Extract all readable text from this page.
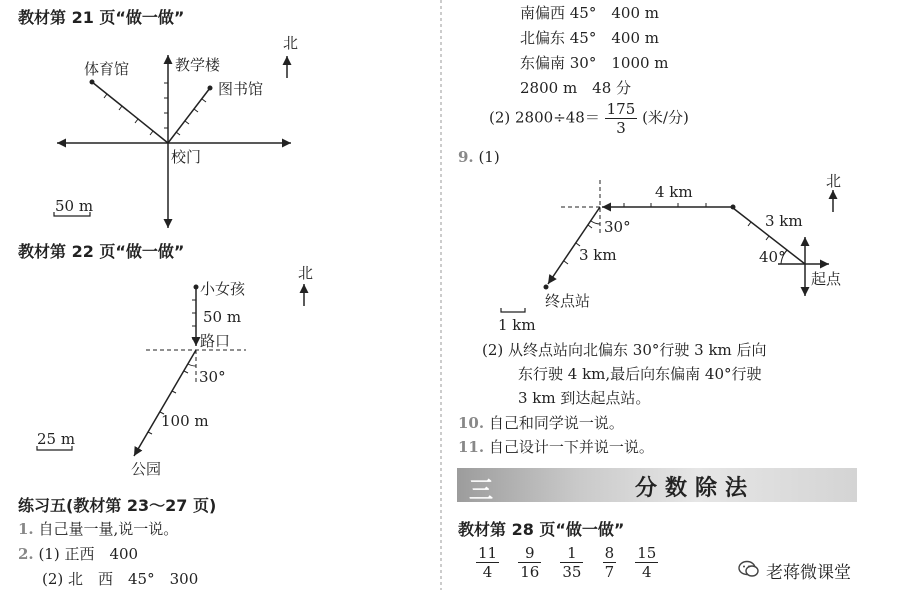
教材第 21 页“做一做”
北
体育馆	教学楼
图书馆
校门
50 m
教材第 22 页“做一做”
北
小女孩
50 m
路口
30°
100 m
公园
25 m
练习五(教材第 23～27 页)
1. 自己量一量,说一说。
2. (1) 正西　400
(2) 北　西　45°　300
南偏西 45°　400 m
北偏东 45°　400 m
东偏南 30°　1000 m
2800 m　48 分
(2) $2800\div 48= \frac{175}{3}$ (米/分)
9. (1)
北
4 km
3 km
40°
起点
30°
3 km
终点站
1 km
(2) 从终点站向北偏东 30°行驶 3 km 后向
东行驶 4 km,最后向东偏南 40°行驶
3 km 到达起点站。
10. 自己和同学说一说。
11. 自己设计一下并说一说。
三	分数除法
教材第 28 页“做一做”
$\frac{11}{4}$
$\frac{9}{16}$
$\frac{1}{35}$
$\frac{8}{7}$
$\frac{15}{4}$	老蒋微课堂
